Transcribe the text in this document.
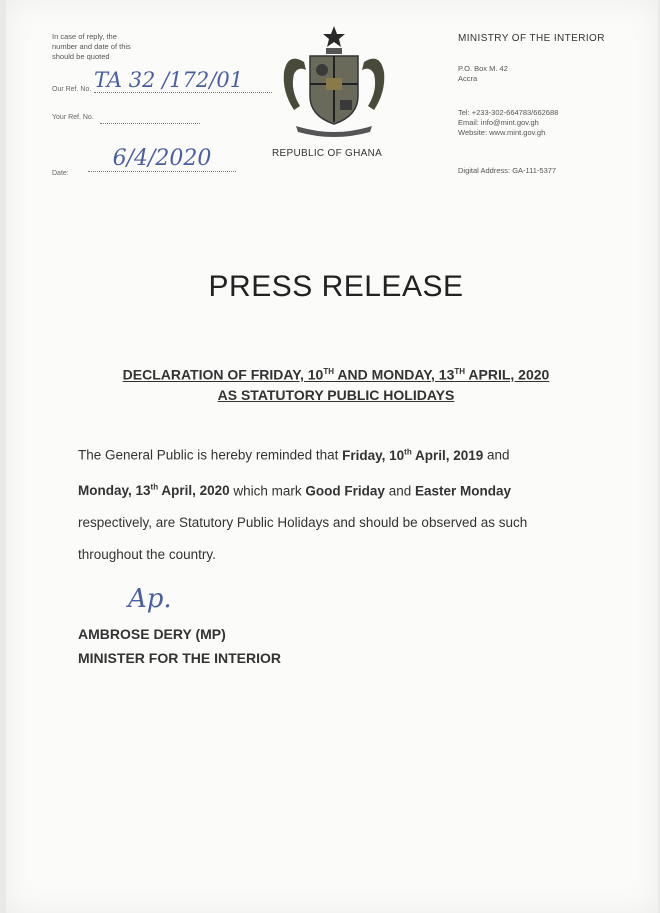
In case of reply, the
number and date of this
should be quoted
Our Ref. No. TA 32 /172/01
Your Ref. No.
Date:
6/4/2020	REPUBLIC OF GHANA
MINISTRY OF THE INTERIOR
P.O. Box M. 42
Accra
Tel: +233-302-664783/662688
Email: info@mint.gov.gh
Website: www.mint.gov.gh
Digital Address: GA-111-5377
PRESS RELEASE
DECLARATION OF FRIDAY, 10TH AND MONDAY, 13TH APRIL, 2020
AS STATUTORY PUBLIC HOLIDAYS
The General Public is hereby reminded that Friday, 10th April, 2019 and
Monday, 13th April, 2020 which mark Good Friday and Easter Monday
respectively, are Statutory Public Holidays and should be observed as such
throughout the country.
Ap.
AMBROSE DERY (MP)
MINISTER FOR THE INTERIOR
